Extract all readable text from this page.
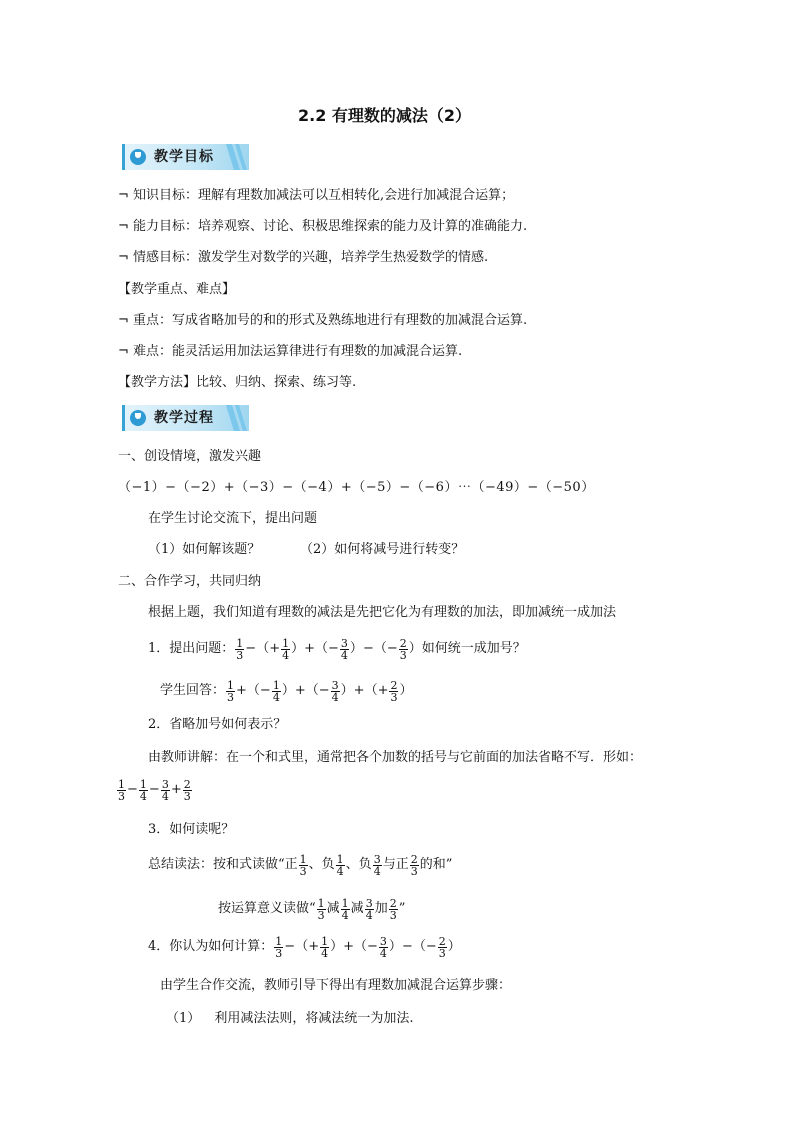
2.2 有理数的减法（2）
教学目标
¬ 知识目标：理解有理数加减法可以互相转化,会进行加减混合运算；
¬ 能力目标：培养观察、讨论、积极思维探索的能力及计算的准确能力.
¬ 情感目标：激发学生对数学的兴趣，培养学生热爱数学的情感.
【教学重点、难点】
¬ 重点：写成省略加号的和的形式及熟练地进行有理数的加减混合运算.
¬ 难点：能灵活运用加法运算律进行有理数的加减混合运算.
【教学方法】比较、归纳、探索、练习等.
教学过程
一、创设情境，激发兴趣
（−1）−（−2）+（−3）−（−4）+（−5）−（−6）⋯（−49）−（−50）
在学生讨论交流下，提出问题
（1）如何解该题？	（2）如何将减号进行转变？
二、合作学习，共同归纳
根据上题，我们知道有理数的减法是先把它化为有理数的加法，即加减统一成加法
1．提出问题： $\frac{1}{3}$ − （+ $\frac{1}{4}$ ） + （− $\frac{3}{4}$ ） − （− $\frac{2}{3}$ ） 如何统一成加号？
学生回答： $\frac{1}{3}$ + （− $\frac{1}{4}$ ） + （− $\frac{3}{4}$ ） + （+ $\frac{2}{3}$ ）
2．省略加号如何表示？
由教师讲解：在一个和式里，通常把各个加数的括号与它前面的加法省略不写．形如：
$\frac{1}{3} - \frac{1}{4} - \frac{3}{4} + \frac{2}{3}$
3．如何读呢？
总结读法：按和式读做“正 $\frac{1}{3}$ 、负 $\frac{1}{4}$ 、负 $\frac{3}{4}$ 与正 $\frac{2}{3}$ 的和”
按运算意义读做“ $\frac{1}{3}$ 减 $\frac{1}{4}$ 减 $\frac{3}{4}$ 加 $\frac{2}{3}$ ”
4．你认为如何计算： $\frac{1}{3}$ − （+ $\frac{1}{4}$ ） + （− $\frac{3}{4}$ ） − （− $\frac{2}{3}$ ）
由学生合作交流，教师引导下得出有理数加减混合运算步骤：
（1） 利用减法法则，将减法统一为加法.
